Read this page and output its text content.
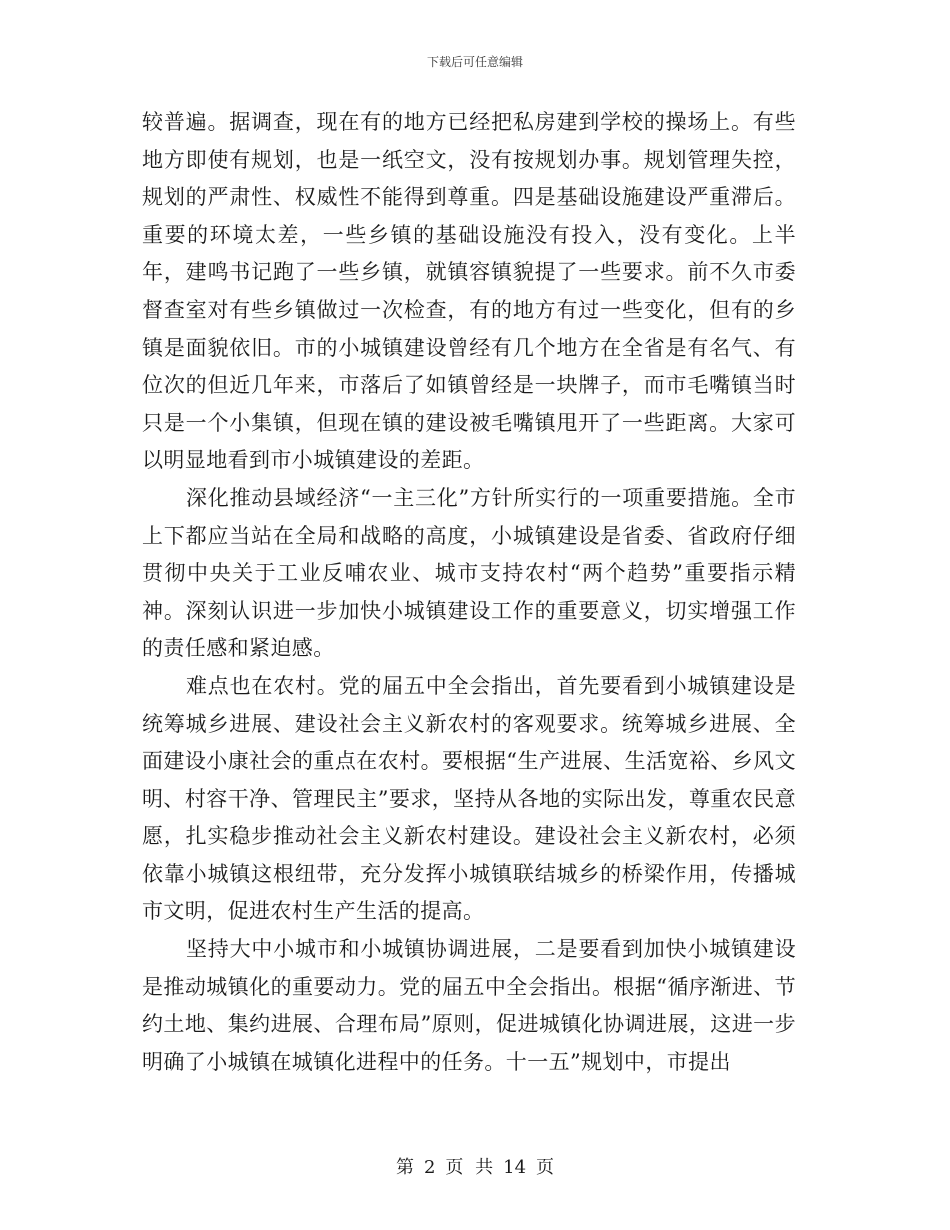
下载后可任意编辑

较普遍。据调查，现在有的地方已经把私房建到学校的操场上。有些地方即使有规划，也是一纸空文，没有按规划办事。规划管理失控，规划的严肃性、权威性不能得到尊重。四是基础设施建设严重滞后。重要的环境太差，一些乡镇的基础设施没有投入，没有变化。上半年，建鸣书记跑了一些乡镇，就镇容镇貌提了一些要求。前不久市委督查室对有些乡镇做过一次检查，有的地方有过一些变化，但有的乡镇是面貌依旧。市的小城镇建设曾经有几个地方在全省是有名气、有位次的但近几年来，市落后了如镇曾经是一块牌子，而市毛嘴镇当时只是一个小集镇，但现在镇的建设被毛嘴镇甩开了一些距离。大家可以明显地看到市小城镇建设的差距。

深化推动县域经济“一主三化”方针所实行的一项重要措施。全市上下都应当站在全局和战略的高度，小城镇建设是省委、省政府仔细贯彻中央关于工业反哺农业、城市支持农村“两个趋势”重要指示精神。深刻认识进一步加快小城镇建设工作的重要意义，切实增强工作的责任感和紧迫感。

难点也在农村。党的届五中全会指出，首先要看到小城镇建设是统筹城乡进展、建设社会主义新农村的客观要求。统筹城乡进展、全面建设小康社会的重点在农村。要根据“生产进展、生活宽裕、乡风文明、村容干净、管理民主”要求，坚持从各地的实际出发，尊重农民意愿，扎实稳步推动社会主义新农村建设。建设社会主义新农村，必须依靠小城镇这根纽带，充分发挥小城镇联结城乡的桥梁作用，传播城市文明，促进农村生产生活的提高。

坚持大中小城市和小城镇协调进展，二是要看到加快小城镇建设是推动城镇化的重要动力。党的届五中全会指出。根据“循序渐进、节约土地、集约进展、合理布局”原则，促进城镇化协调进展，这进一步明确了小城镇在城镇化进程中的任务。十一五”规划中，市提出

第 2 页 共 14 页
